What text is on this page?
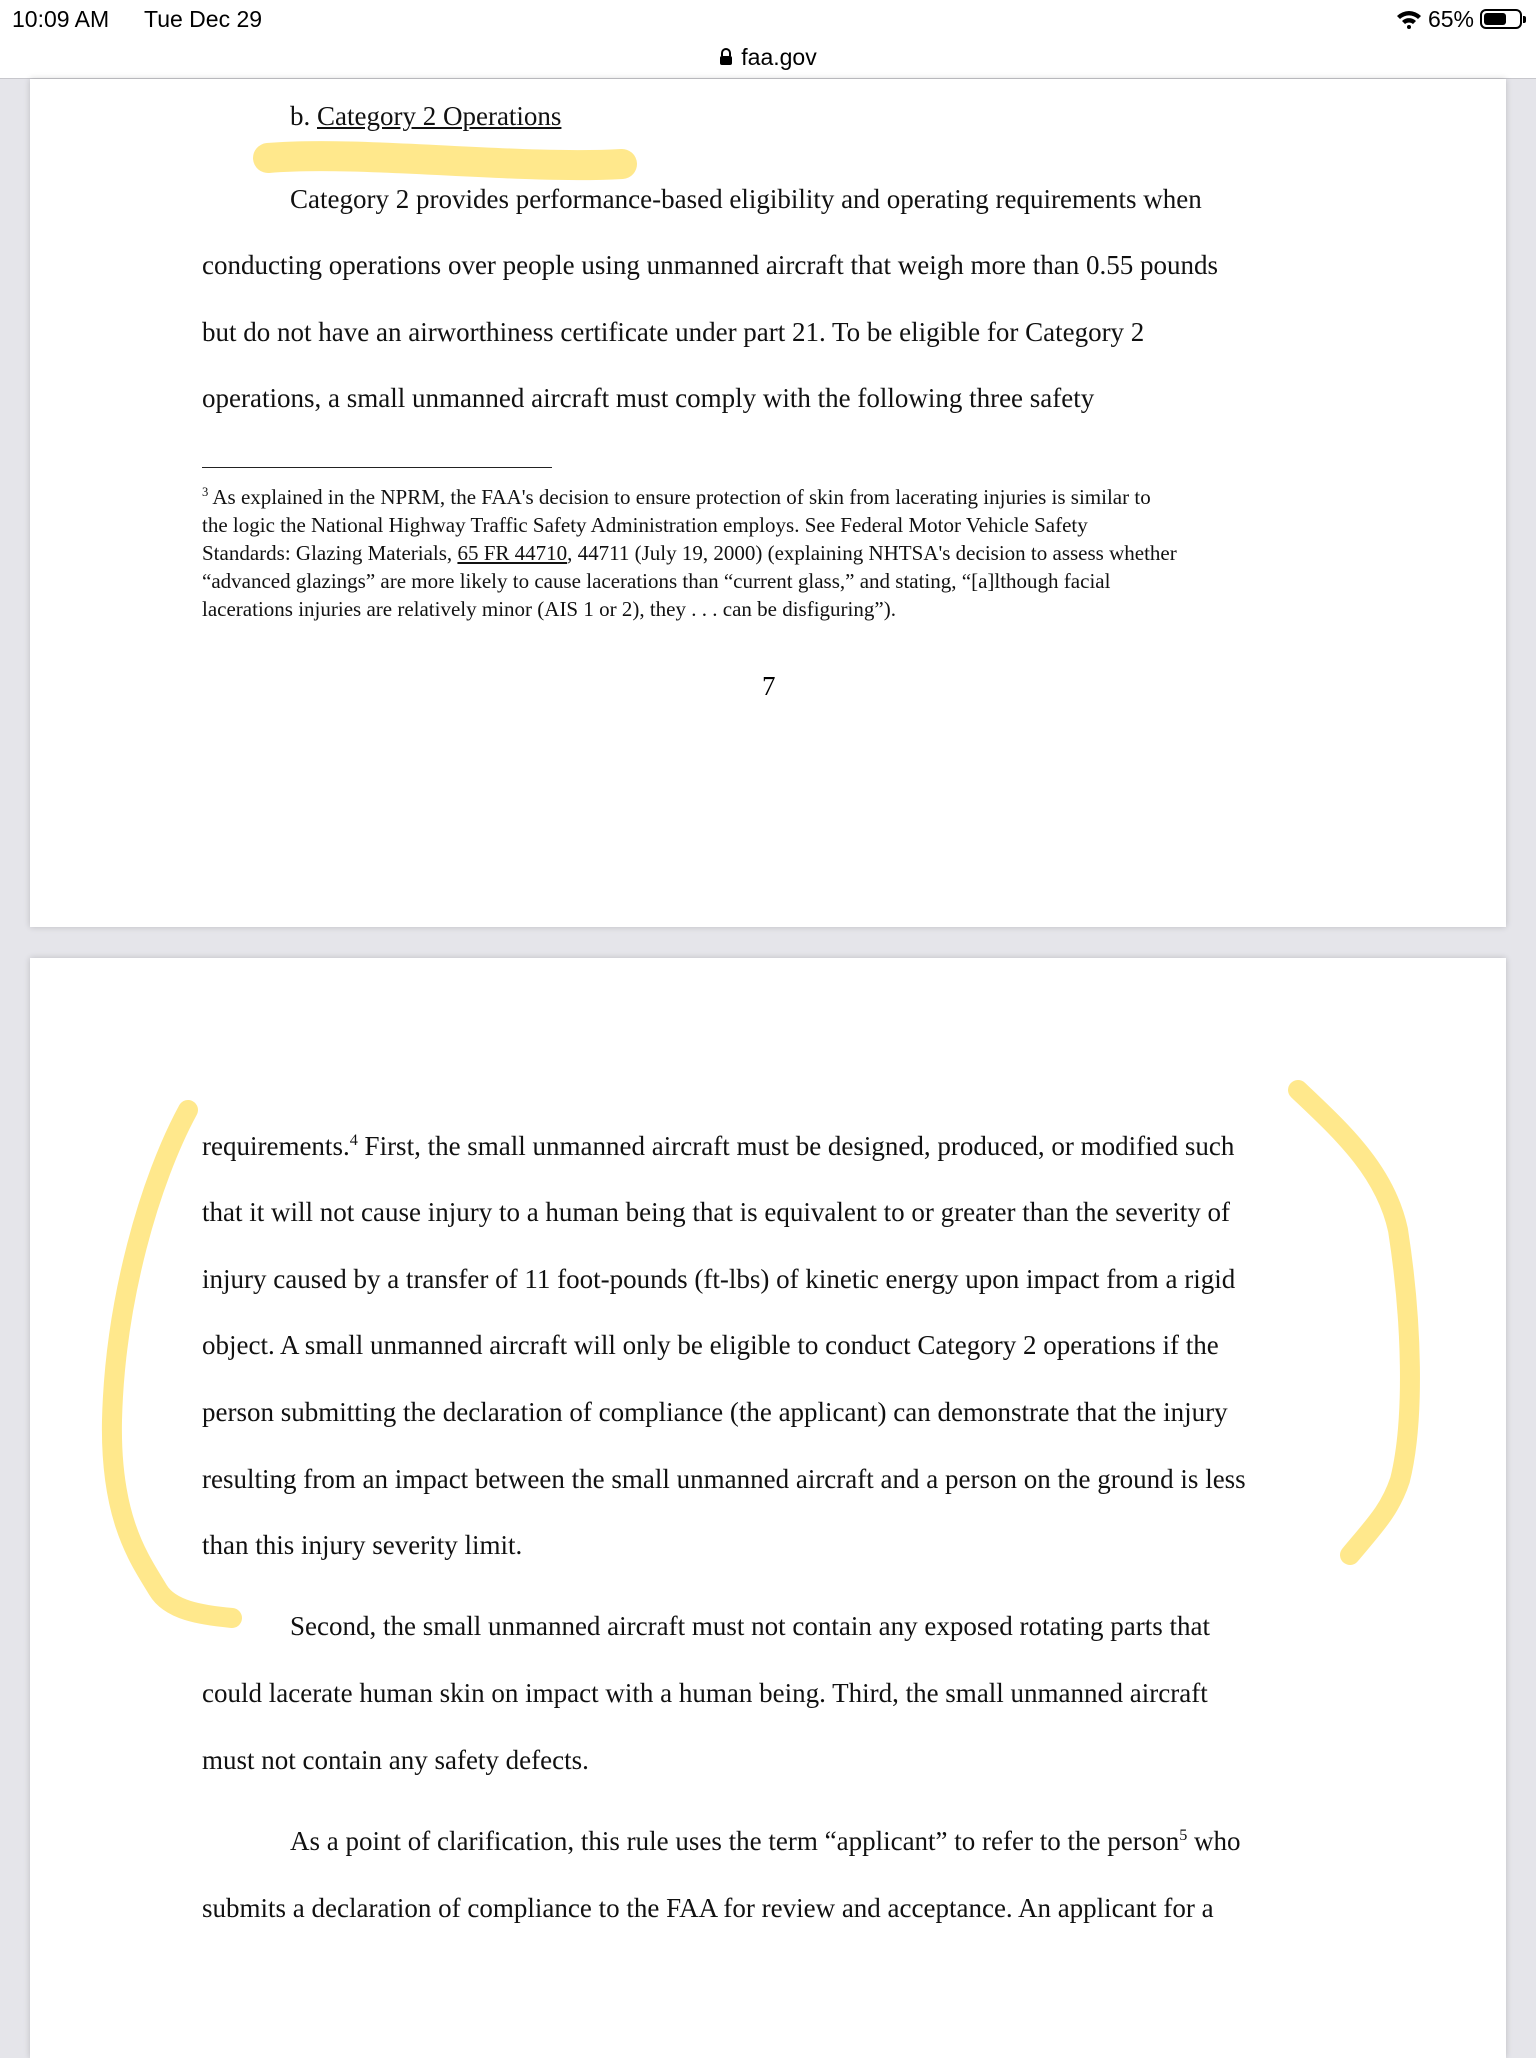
10:09 AM Tue Dec 29	65%
faa.gov
b. Category 2 Operations
Category 2 provides performance-based eligibility and operating requirements when
conducting operations over people using unmanned aircraft that weigh more than 0.55 pounds
but do not have an airworthiness certificate under part 21. To be eligible for Category 2
operations, a small unmanned aircraft must comply with the following three safety
$^3$ As explained in the NPRM, the FAA's decision to ensure protection of skin from lacerating injuries is similar to
the logic the National Highway Traffic Safety Administration employs. See Federal Motor Vehicle Safety
Standards: Glazing Materials, 65 FR 44710, 44711 (July 19, 2000) (explaining NHTSA's decision to assess whether
“advanced glazings” are more likely to cause lacerations than “current glass,” and stating, “[a]lthough facial
lacerations injuries are relatively minor (AIS 1 or 2), they . . . can be disfiguring”).
7
requirements.$^4$ First, the small unmanned aircraft must be designed, produced, or modified such
that it will not cause injury to a human being that is equivalent to or greater than the severity of
injury caused by a transfer of 11 foot-pounds (ft-lbs) of kinetic energy upon impact from a rigid
object. A small unmanned aircraft will only be eligible to conduct Category 2 operations if the
person submitting the declaration of compliance (the applicant) can demonstrate that the injury
resulting from an impact between the small unmanned aircraft and a person on the ground is less
than this injury severity limit.
Second, the small unmanned aircraft must not contain any exposed rotating parts that
could lacerate human skin on impact with a human being. Third, the small unmanned aircraft
must not contain any safety defects.
As a point of clarification, this rule uses the term “applicant” to refer to the person$^5$ who
submits a declaration of compliance to the FAA for review and acceptance. An applicant for a
